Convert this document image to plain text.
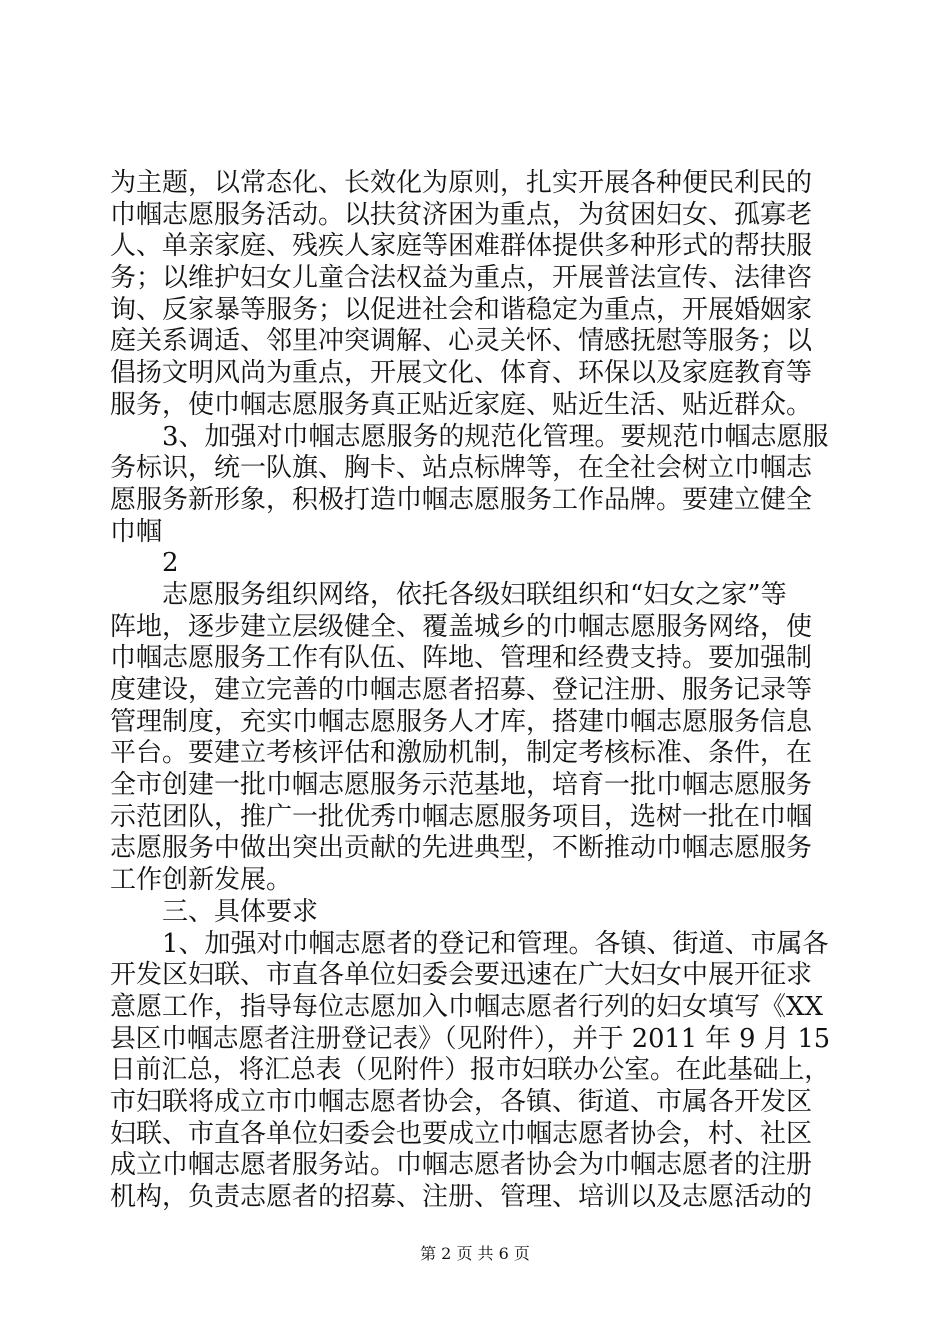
为主题，以常态化、长效化为原则，扎实开展各种便民利民的
巾帼志愿服务活动。以扶贫济困为重点，为贫困妇女、孤寡老
人、单亲家庭、残疾人家庭等困难群体提供多种形式的帮扶服
务；以维护妇女儿童合法权益为重点，开展普法宣传、法律咨
询、反家暴等服务；以促进社会和谐稳定为重点，开展婚姻家
庭关系调适、邻里冲突调解、心灵关怀、情感抚慰等服务；以
倡扬文明风尚为重点，开展文化、体育、环保以及家庭教育等
服务，使巾帼志愿服务真正贴近家庭、贴近生活、贴近群众。
　　3、加强对巾帼志愿服务的规范化管理。要规范巾帼志愿服
务标识，统一队旗、胸卡、站点标牌等，在全社会树立巾帼志
愿服务新形象，积极打造巾帼志愿服务工作品牌。要建立健全
巾帼
　　2
　　志愿服务组织网络，依托各级妇联组织和“妇女之家”等
阵地，逐步建立层级健全、覆盖城乡的巾帼志愿服务网络，使
巾帼志愿服务工作有队伍、阵地、管理和经费支持。要加强制
度建设，建立完善的巾帼志愿者招募、登记注册、服务记录等
管理制度，充实巾帼志愿服务人才库，搭建巾帼志愿服务信息
平台。要建立考核评估和激励机制，制定考核标准、条件，在
全市创建一批巾帼志愿服务示范基地，培育一批巾帼志愿服务
示范团队，推广一批优秀巾帼志愿服务项目，选树一批在巾帼
志愿服务中做出突出贡献的先进典型，不断推动巾帼志愿服务
工作创新发展。
　　三、具体要求
　　1、加强对巾帼志愿者的登记和管理。各镇、街道、市属各
开发区妇联、市直各单位妇委会要迅速在广大妇女中展开征求
意愿工作，指导每位志愿加入巾帼志愿者行列的妇女填写《XX
县区巾帼志愿者注册登记表》（见附件），并于 2011 年 9 月 15
日前汇总，将汇总表（见附件）报市妇联办公室。在此基础上，
市妇联将成立市巾帼志愿者协会，各镇、街道、市属各开发区
妇联、市直各单位妇委会也要成立巾帼志愿者协会，村、社区
成立巾帼志愿者服务站。巾帼志愿者协会为巾帼志愿者的注册
机构，负责志愿者的招募、注册、管理、培训以及志愿活动的
第 2 页 共 6 页
